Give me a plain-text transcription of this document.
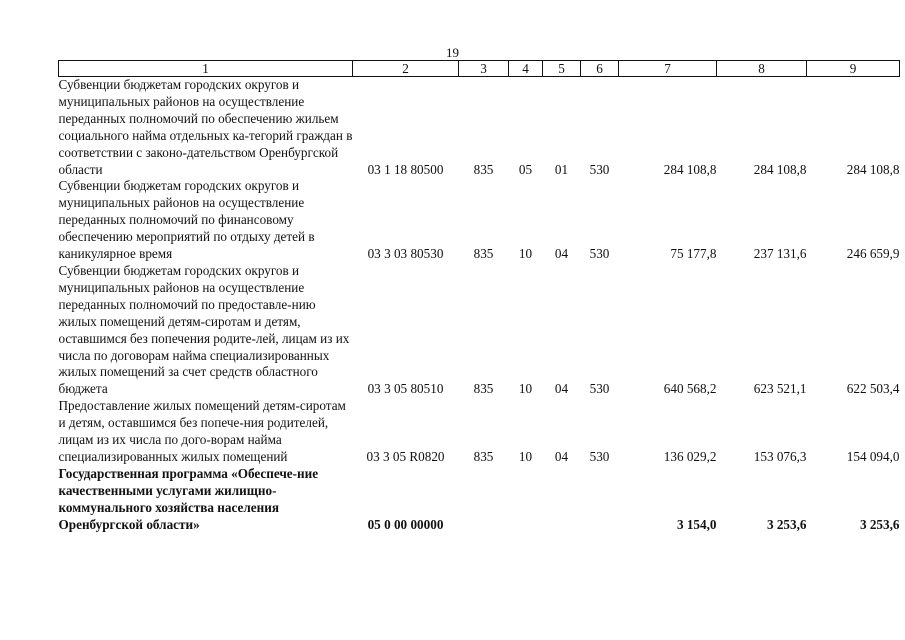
19
1	2	3	4	5	6	7	8	9
Субвенции бюджетам городских округов и муниципальных районов на осуществление переданных полномочий по обеспечению жильем социального найма отдельных ка-тегорий граждан в соответствии с законо-дательством Оренбургской области	03 1 18 80500	835	05	01	530	284 108,8	284 108,8	284 108,8
Субвенции бюджетам городских округов и муниципальных районов на осуществление переданных полномочий по финансовому обеспечению мероприятий по отдыху детей в каникулярное время	03 3 03 80530	835	10	04	530	75 177,8	237 131,6	246 659,9
Субвенции бюджетам городских округов и муниципальных районов на осуществление переданных полномочий по предоставле-нию жилых помещений детям-сиротам и детям, оставшимся без попечения родите-лей, лицам из их числа по договорам найма специализированных жилых помещений за счет средств областного бюджета	03 3 05 80510	835	10	04	530	640 568,2	623 521,1	622 503,4
Предоставление жилых помещений детям-сиротам и детям, оставшимся без попече-ния родителей, лицам из их числа по дого-ворам найма специализированных жилых помещений	03 3 05 R0820	835	10	04	530	136 029,2	153 076,3	154 094,0
Государственная программа «Обеспече-ние качественными услугами жилищно-коммунального хозяйства населения Оренбургской области»	05 0 00 00000					3 154,0	3 253,6	3 253,6
